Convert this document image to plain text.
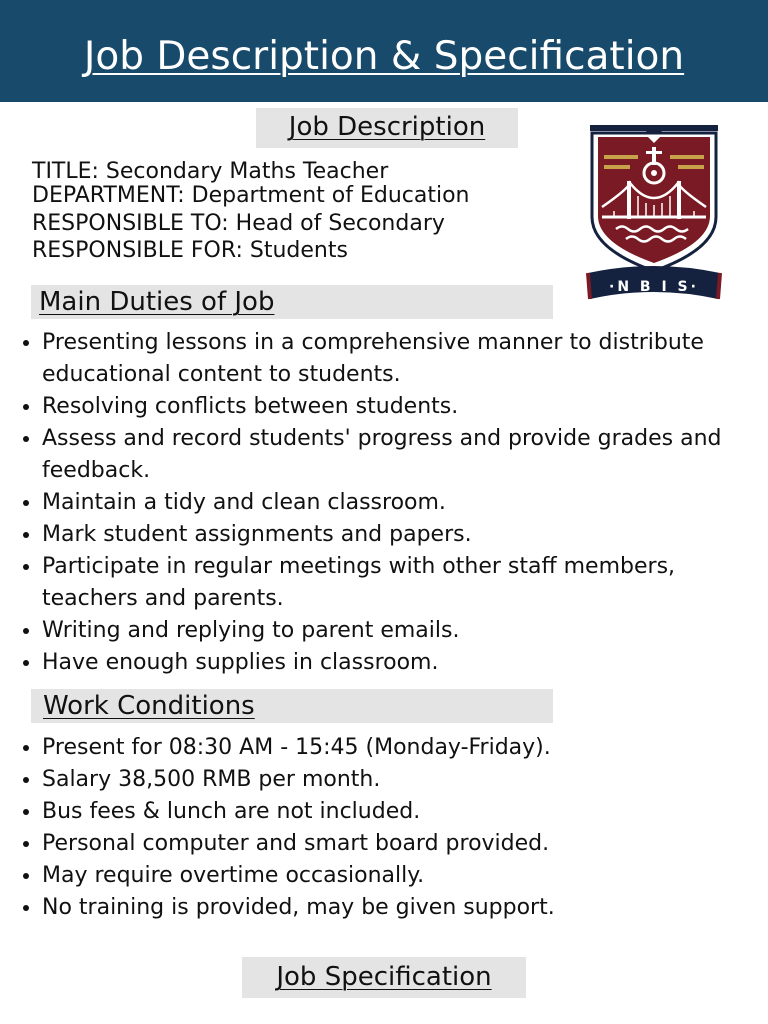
Job Description & Specification
Job Description
TITLE: Secondary Maths Teacher
DEPARTMENT: Department of Education
RESPONSIBLE TO: Head of Secondary
RESPONSIBLE FOR: Students
·N B I S·
Main Duties of Job
• Presenting lessons in a comprehensive manner to distribute educational content to students.
• Resolving conflicts between students.
• Assess and record students' progress and provide grades and feedback.
• Maintain a tidy and clean classroom.
• Mark student assignments and papers.
• Participate in regular meetings with other staff members, teachers and parents.
• Writing and replying to parent emails.
• Have enough supplies in classroom.
Work Conditions
• Present for 08:30 AM - 15:45 (Monday-Friday).
• Salary 38,500 RMB per month.
• Bus fees & lunch are not included.
• Personal computer and smart board provided.
• May require overtime occasionally.
• No training is provided, may be given support.
Job Specification
